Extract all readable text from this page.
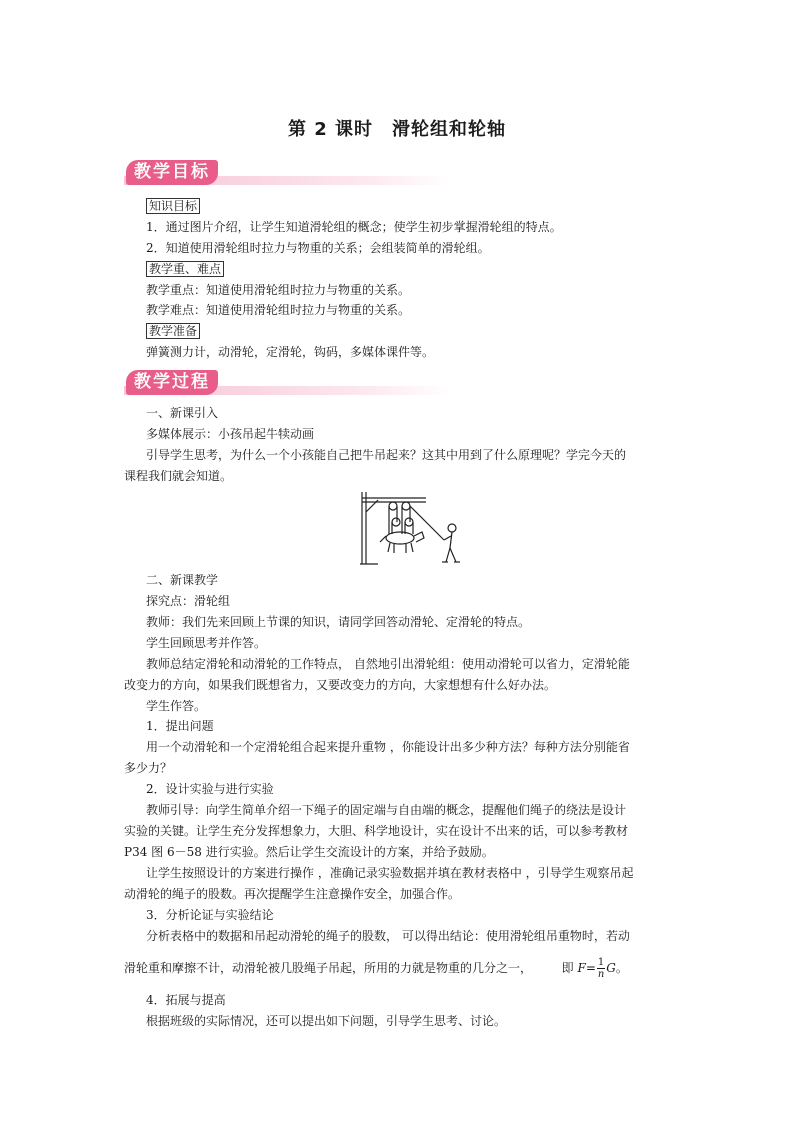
第 2 课时　滑轮组和轮轴
教学目标
知识目标
1．通过图片介绍，让学生知道滑轮组的概念；使学生初步掌握滑轮组的特点。
2．知道使用滑轮组时拉力与物重的关系；会组装简单的滑轮组。
教学重、难点
教学重点：知道使用滑轮组时拉力与物重的关系。
教学难点：知道使用滑轮组时拉力与物重的关系。
教学准备
弹簧测力计，动滑轮，定滑轮，钩码，多媒体课件等。
教学过程
一、新课引入
多媒体展示：小孩吊起牛犊动画
引导学生思考，为什么一个小孩能自己把牛吊起来？这其中用到了什么原理呢？学完今天的
课程我们就会知道。
二、新课教学
探究点：滑轮组
教师：我们先来回顾上节课的知识，请同学回答动滑轮、定滑轮的特点。
学生回顾思考并作答。
教师总结定滑轮和动滑轮的工作特点， 自然地引出滑轮组：使用动滑轮可以省力，定滑轮能
改变力的方向，如果我们既想省力，又要改变力的方向，大家想想有什么好办法。
学生作答。
1．提出问题
用一个动滑轮和一个定滑轮组合起来提升重物 ，你能设计出多少种方法？每种方法分别能省
多少力？
2．设计实验与进行实验
教师引导：向学生简单介绍一下绳子的固定端与自由端的概念，提醒他们绳子的绕法是设计
实验的关键。让学生充分发挥想象力，大胆、科学地设计，实在设计不出来的话，可以参考教材
P34 图 6－58 进行实验。然后让学生交流设计的方案，并给予鼓励。
让学生按照设计的方案进行操作 ，准确记录实验数据并填在教材表格中 ，引导学生观察吊起
动滑轮的绳子的股数。再次提醒学生注意操作安全，加强合作。
3．分析论证与实验结论
分析表格中的数据和吊起动滑轮的绳子的股数， 可以得出结论：使用滑轮组吊重物时，若动
滑轮重和摩擦不计，动滑轮被几股绳子吊起，所用的力就是物重的几分之一， 即 $F= \frac{1}{n}$ G。
4．拓展与提高
根据班级的实际情况，还可以提出如下问题，引导学生思考、讨论。
